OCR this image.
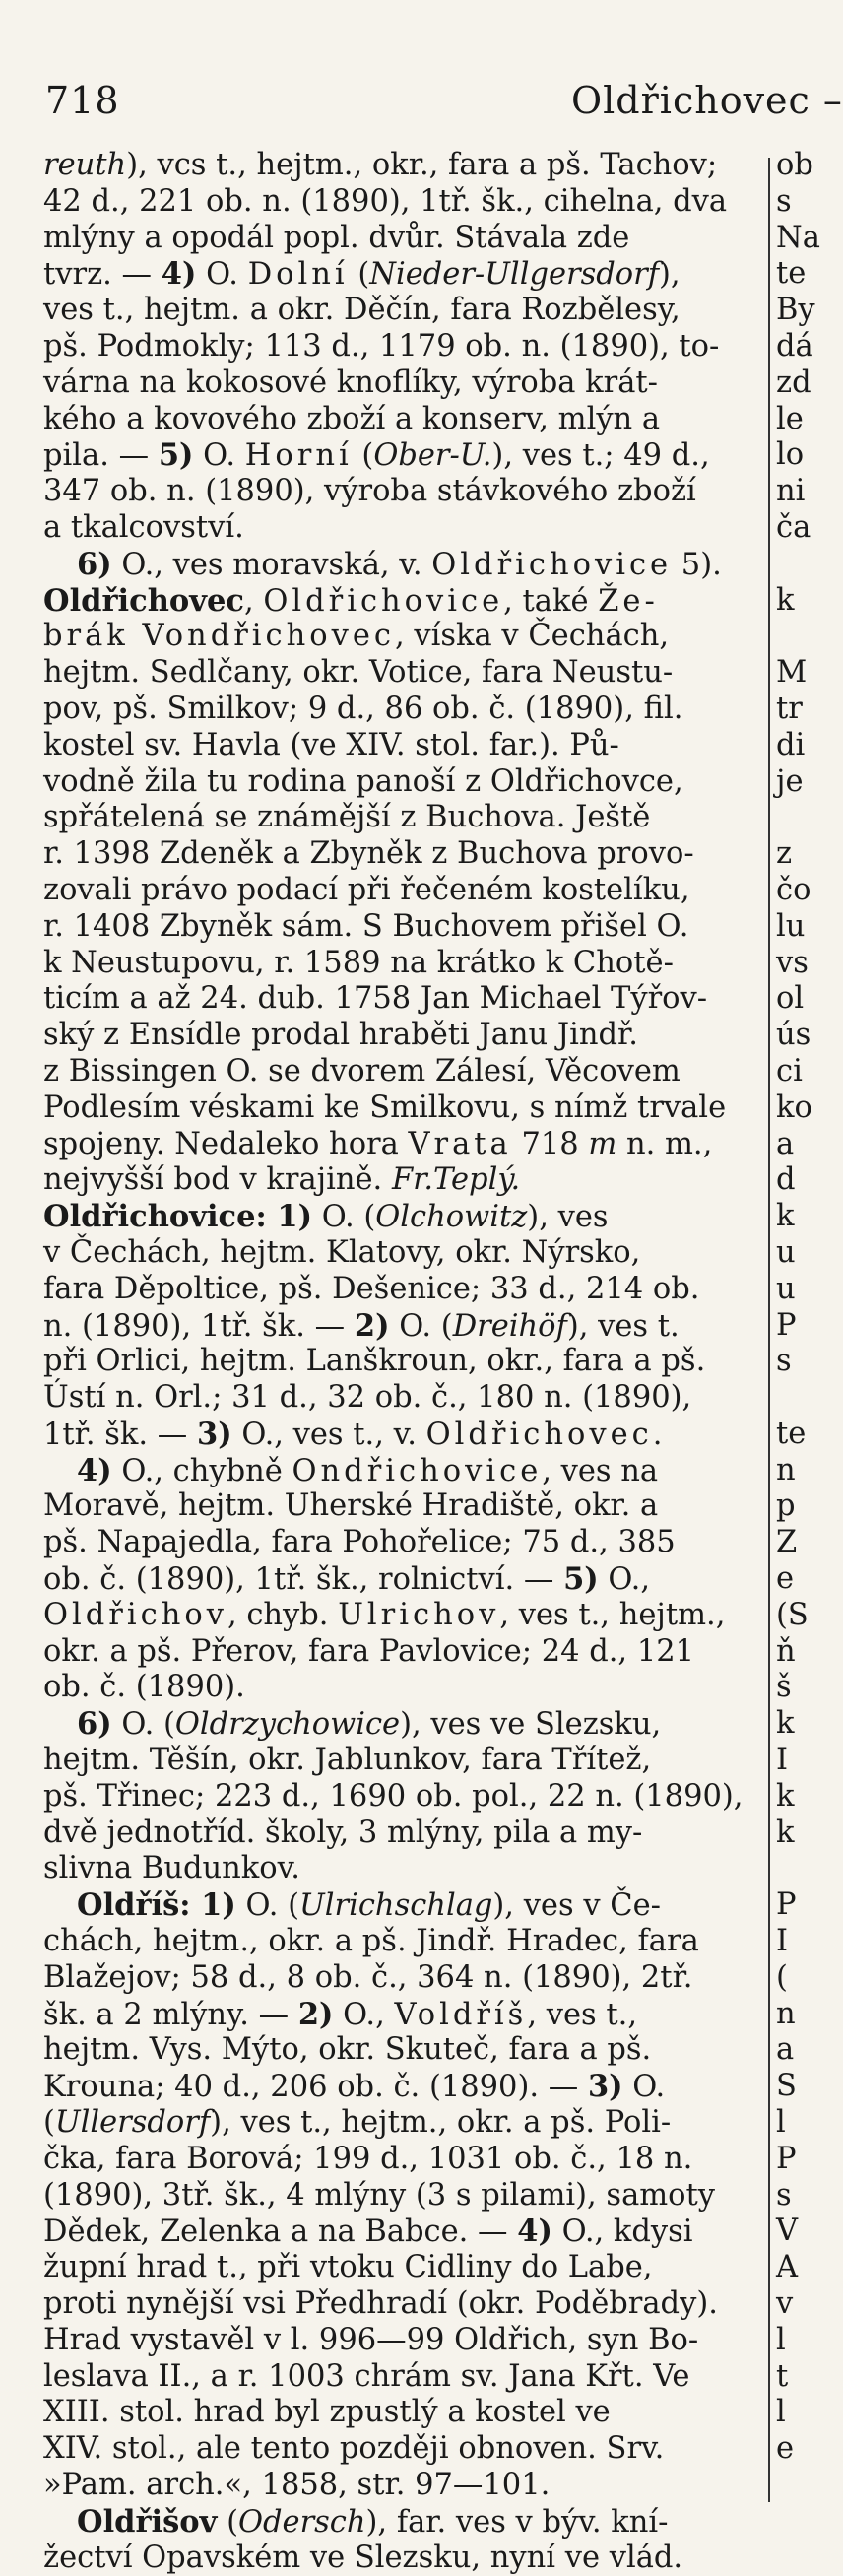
718	Oldřichovec –
reuth), vcs t., hejtm., okr., fara a pš. Tachov;
42 d., 221 ob. n. (1890), 1tř. šk., cihelna, dva
mlýny a opodál popl. dvůr. Stávala zde
tvrz. — 4) O. Dolní (Nieder-Ullgersdorf),
ves t., hejtm. a okr. Děčín, fara Rozbělesy,
pš. Podmokly; 113 d., 1179 ob. n. (1890), to-
várna na kokosové knoflíky, výroba krát-
kého a kovového zboží a konserv, mlýn a
pila. — 5) O. Horní (Ober-U.), ves t.; 49 d.,
347 ob. n. (1890), výroba stávkového zboží
a tkalcovství.
6) O., ves moravská, v. Oldřichovice 5).
Oldřichovec, Oldřichovice, také Že-
brák Vondřichovec, víska v Čechách,
hejtm. Sedlčany, okr. Votice, fara Neustu-
pov, pš. Smilkov; 9 d., 86 ob. č. (1890), fil.
kostel sv. Havla (ve XIV. stol. far.). Pů-
vodně žila tu rodina panoší z Oldřichovce,
spřátelená se známější z Buchova. Ještě
r. 1398 Zdeněk a Zbyněk z Buchova provo-
zovali právo podací při řečeném kostelíku,
r. 1408 Zbyněk sám. S Buchovem přišel O.
k Neustupovu, r. 1589 na krátko k Chotě-
ticím a až 24. dub. 1758 Jan Michael Týřov-
ský z Ensídle prodal hraběti Janu Jindř.
z Bissingen O. se dvorem Zálesí, Věcovem
Podlesím véskami ke Smilkovu, s nímž trvale
spojeny. Nedaleko hora Vrata 718 m n. m.,
nejvyšší bod v krajině. Fr.Teplý.
Oldřichovice: 1) O. (Olchowitz), ves
v Čechách, hejtm. Klatovy, okr. Nýrsko,
fara Děpoltice, pš. Dešenice; 33 d., 214 ob.
n. (1890), 1tř. šk. — 2) O. (Dreihöf), ves t.
při Orlici, hejtm. Lanškroun, okr., fara a pš.
Ústí n. Orl.; 31 d., 32 ob. č., 180 n. (1890),
1tř. šk. — 3) O., ves t., v. Oldřichovec.
4) O., chybně Ondřichovice, ves na
Moravě, hejtm. Uherské Hradiště, okr. a
pš. Napajedla, fara Pohořelice; 75 d., 385
ob. č. (1890), 1tř. šk., rolnictví. — 5) O.,
Oldřichov, chyb. Ulrichov, ves t., hejtm.,
okr. a pš. Přerov, fara Pavlovice; 24 d., 121
ob. č. (1890).
6) O. (Oldrzychowice), ves ve Slezsku,
hejtm. Těšín, okr. Jablunkov, fara Třítež,
pš. Třinec; 223 d., 1690 ob. pol., 22 n. (1890),
dvě jednotříd. školy, 3 mlýny, pila a my-
slivna Budunkov.
Oldříš: 1) O. (Ulrichschlag), ves v Če-
chách, hejtm., okr. a pš. Jindř. Hradec, fara
Blažejov; 58 d., 8 ob. č., 364 n. (1890), 2tř.
šk. a 2 mlýny. — 2) O., Voldříš, ves t.,
hejtm. Vys. Mýto, okr. Skuteč, fara a pš.
Krouna; 40 d., 206 ob. č. (1890). — 3) O.
(Ullersdorf), ves t., hejtm., okr. a pš. Poli-
čka, fara Borová; 199 d., 1031 ob. č., 18 n.
(1890), 3tř. šk., 4 mlýny (3 s pilami), samoty
Dědek, Zelenka a na Babce. — 4) O., kdysi
župní hrad t., při vtoku Cidliny do Labe,
proti nynější vsi Předhradí (okr. Poděbrady).
Hrad vystavěl v l. 996—99 Oldřich, syn Bo-
leslava II., a r. 1003 chrám sv. Jana Křt. Ve
XIII. stol. hrad byl zpustlý a kostel ve
XIV. stol., ale tento později obnoven. Srv.
»Pam. arch.«, 1858, str. 97—101.
Oldřišov (Odersch), far. ves v býv. kní-
žectví Opavském ve Slezsku, nyní ve vlád.
ob
s
Na
te
By
dá
zd
le
lo
ni
ča
k
M
tr
di
je
z
čo
lu
vs
ol
ús
ci
ko
a
d
k
u
u
P
s
te
n
p
Z
e
(S
ň
š
k
I
k
k
P
I
(
n
a
S
l
P
s
V
A
v
l
t
l
e
